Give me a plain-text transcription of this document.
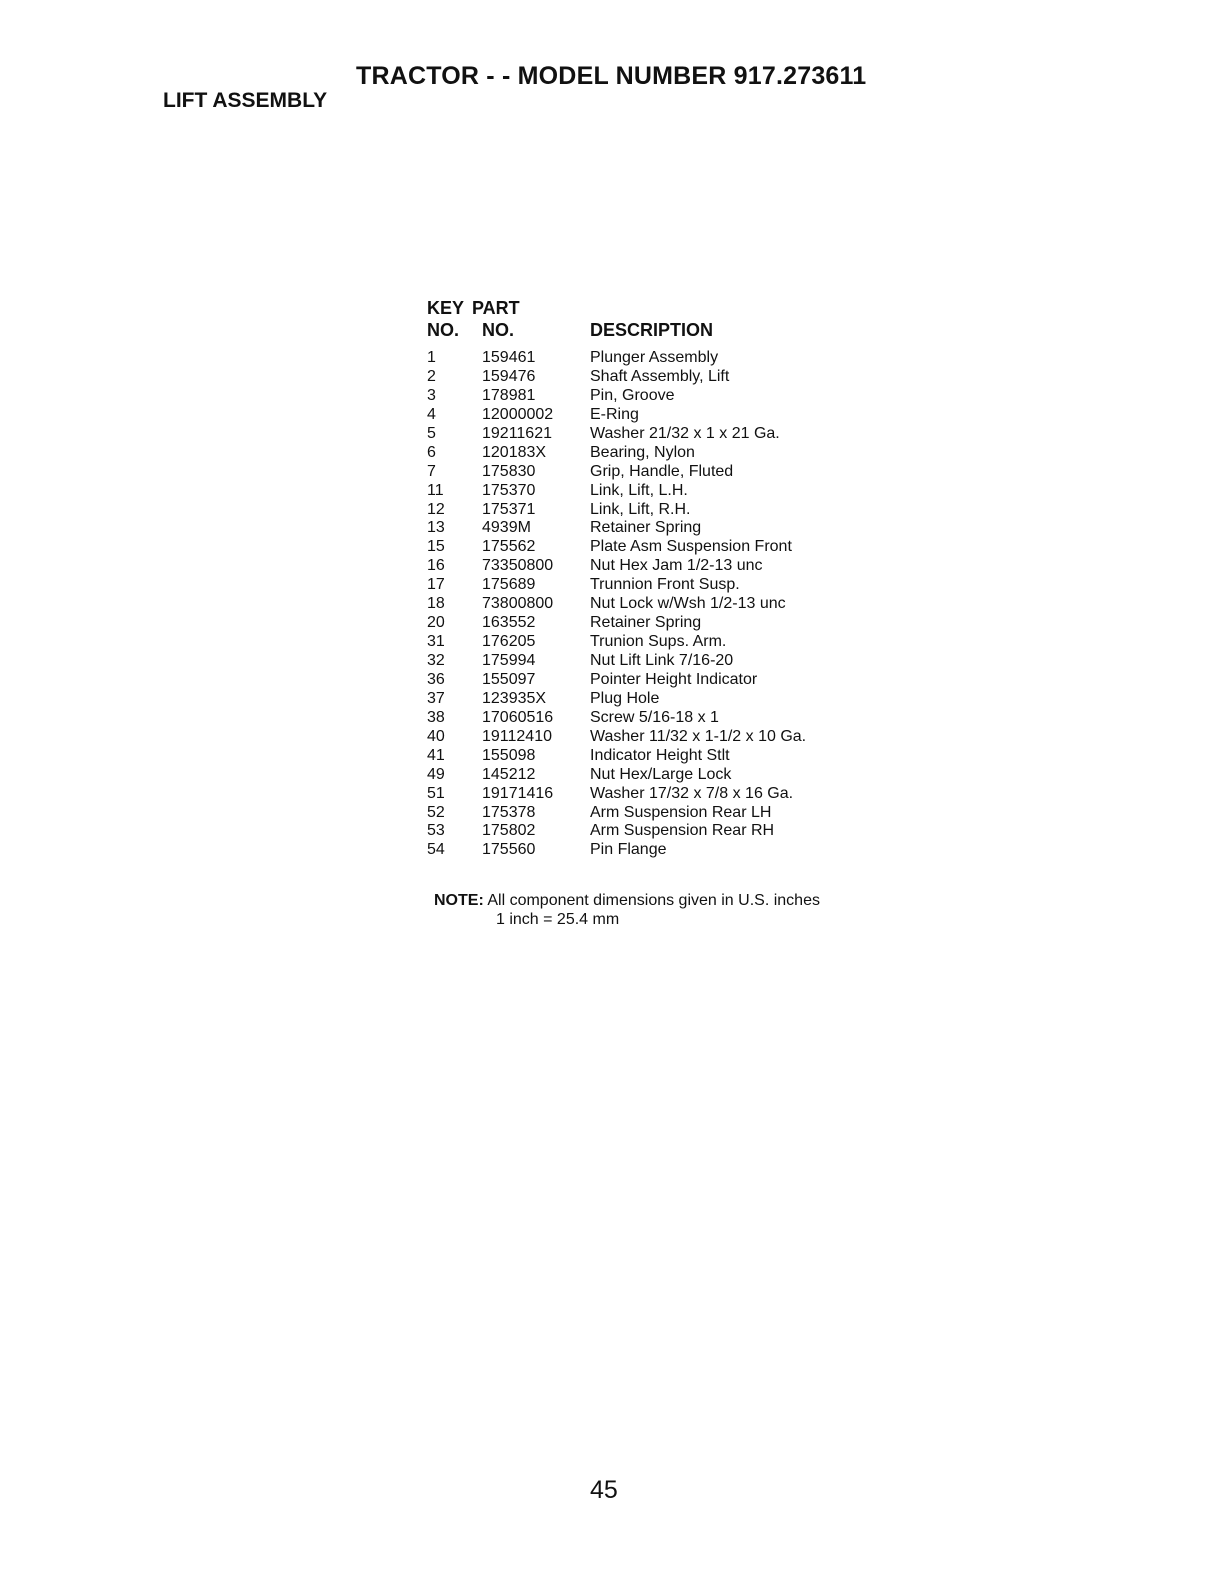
TRACTOR - - MODEL NUMBER 917.273611
LIFT ASSEMBLY
KEY
NO.
PART
NO.	DESCRIPTION
1	159461	Plunger Assembly
2	159476	Shaft Assembly, Lift
3	178981	Pin, Groove
4	12000002 E-Ring
5	19211621 Washer 21/32 x 1 x 21 Ga.
6	120183X	Bearing, Nylon
7	175830	Grip, Handle, Fluted
11 175370	Link, Lift, L.H.
12 175371	Link, Lift, R.H.
13 4939M	Retainer Spring
15 175562	Plate Asm Suspension Front
16 73350800 Nut Hex Jam 1/2-13 unc
17 175689	Trunnion Front Susp.
18 73800800 Nut Lock w/Wsh 1/2-13 unc
20 163552	Retainer Spring
31 176205	Trunion Sups. Arm.
32 175994	Nut Lift Link 7/16-20
36 155097	Pointer Height Indicator
37 123935X	Plug Hole
38 17060516 Screw 5/16-18 x 1
40 19112410 Washer 11/32 x 1-1/2 x 10 Ga.
41 155098	Indicator Height Stlt
49 145212	Nut Hex/Large Lock
51 19171416 Washer 17/32 x 7/8 x 16 Ga.
52 175378	Arm Suspension Rear LH
53 175802	Arm Suspension Rear RH
54 175560	Pin Flange
NOTE: All component dimensions given in U.S. inches
1 inch = 25.4 mm
45
